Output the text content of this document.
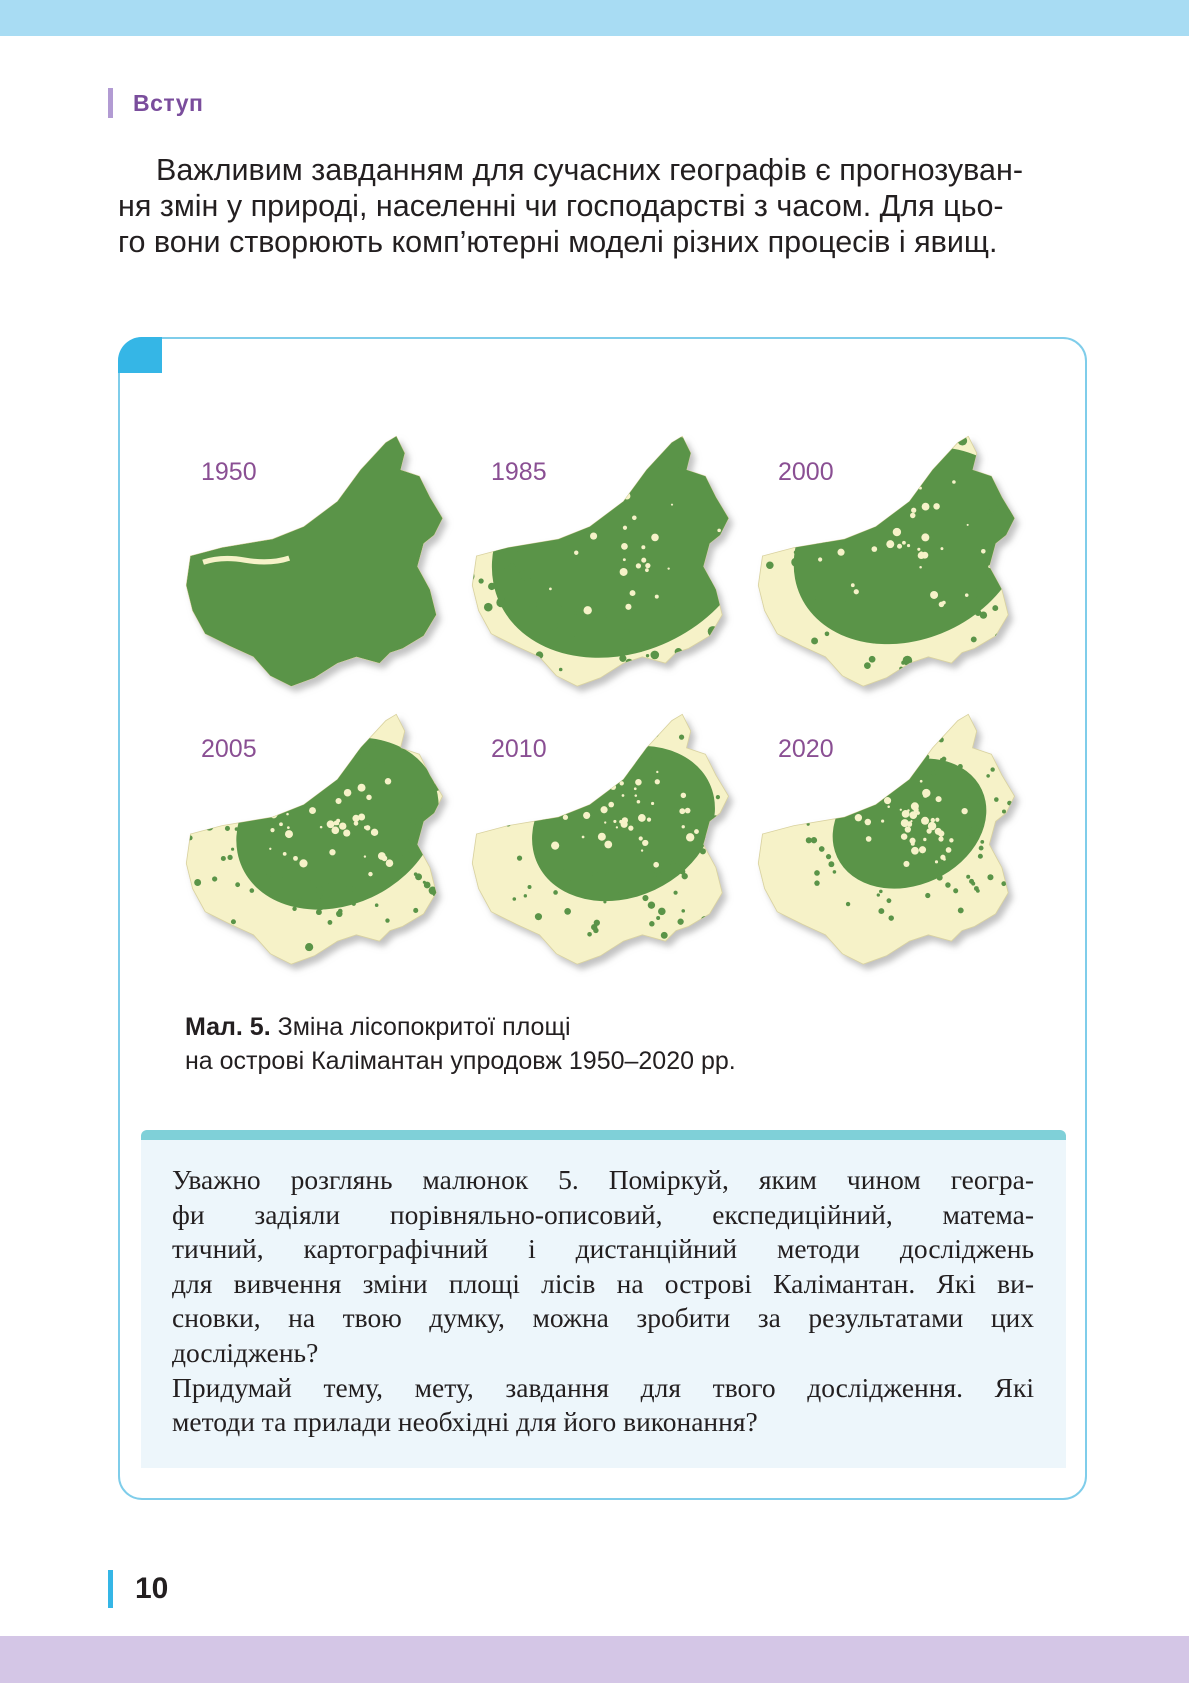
Вступ
Важливим завданням для сучасних географів є прогнозуван-
ня змін у природі, населенні чи господарстві з часом. Для цьо-
го вони створюють комп’ютерні моделі різних процесів і явищ.
1950	1985	2000
2005	2010	2020
Мал. 5. Зміна лісопокритої площі
на острові Калімантан упродовж 1950–2020 рр.
Уважно розглянь малюнок 5. Поміркуй, яким чином геогра-
фи задіяли порівняльно-описовий, експедиційний, матема-
тичний, картографічний і дистанційний методи досліджень
для вивчення зміни площі лісів на острові Калімантан. Які ви-
сновки, на твою думку, можна зробити за результатами цих
досліджень?
Придумай тему, мету, завдання для твого дослідження. Які
методи та прилади необхідні для його виконання?
10
